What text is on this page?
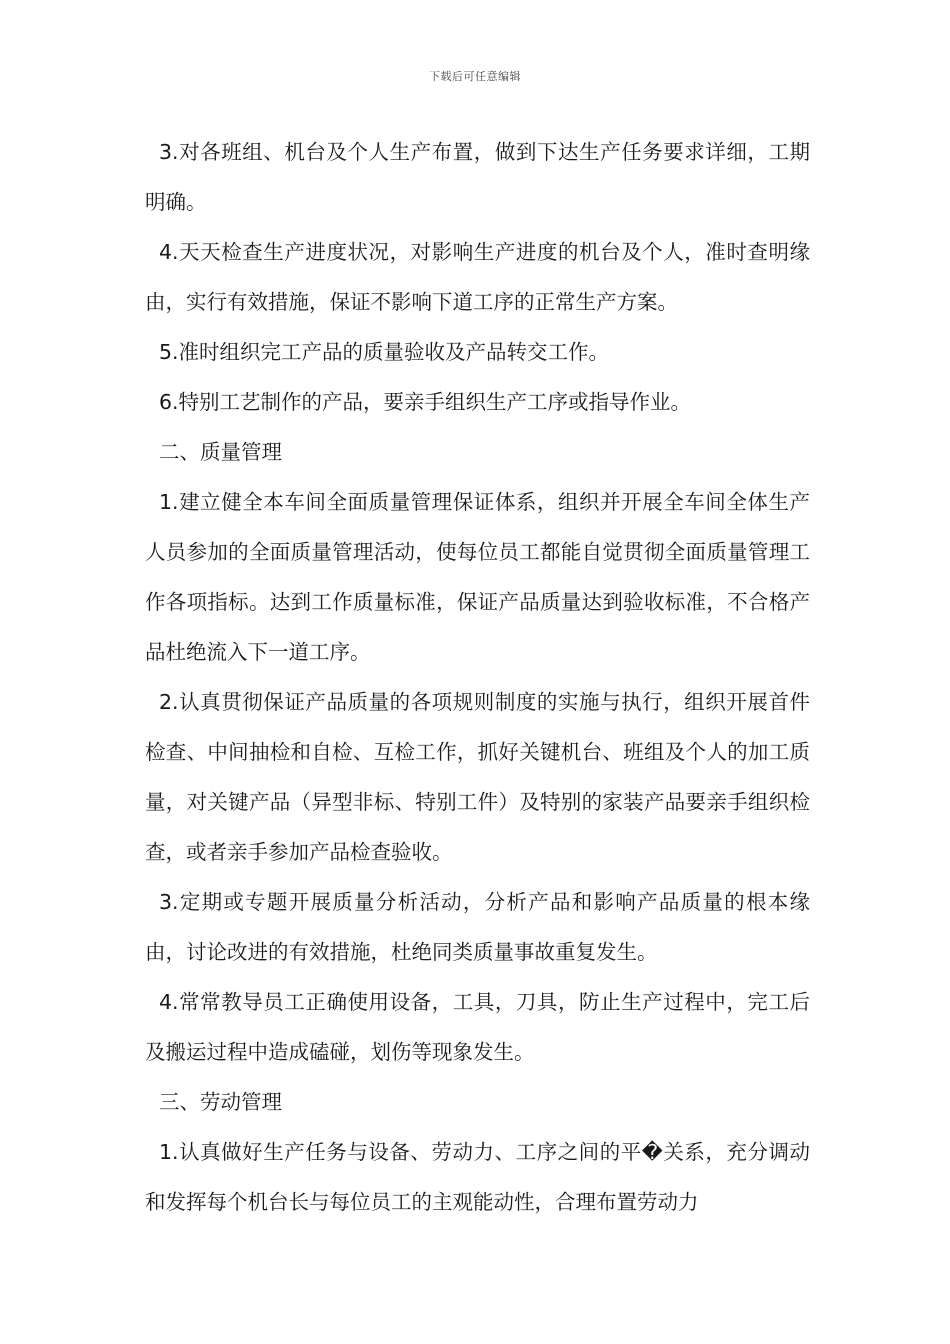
下载后可任意编辑

3.对各班组、机台及个人生产布置，做到下达生产任务要求详细，工期明确。

4.天天检查生产进度状况，对影响生产进度的机台及个人，准时查明缘由，实行有效措施，保证不影响下道工序的正常生产方案。

5.准时组织完工产品的质量验收及产品转交工作。

6.特别工艺制作的产品，要亲手组织生产工序或指导作业。

二、质量管理

1.建立健全本车间全面质量管理保证体系，组织并开展全车间全体生产人员参加的全面质量管理活动，使每位员工都能自觉贯彻全面质量管理工作各项指标。达到工作质量标准，保证产品质量达到验收标准，不合格产品杜绝流入下一道工序。

2.认真贯彻保证产品质量的各项规则制度的实施与执行，组织开展首件检查、中间抽检和自检、互检工作，抓好关键机台、班组及个人的加工质量，对关键产品（异型非标、特别工件）及特别的家装产品要亲手组织检查，或者亲手参加产品检查验收。

3.定期或专题开展质量分析活动，分析产品和影响产品质量的根本缘由，讨论改进的有效措施，杜绝同类质量事故重复发生。

4.常常教导员工正确使用设备，工具，刀具，防止生产过程中，完工后及搬运过程中造成磕碰，划伤等现象发生。

三、劳动管理

1.认真做好生产任务与设备、劳动力、工序之间的平�关系，充分调动和发挥每个机台长与每位员工的主观能动性，合理布置劳动力
